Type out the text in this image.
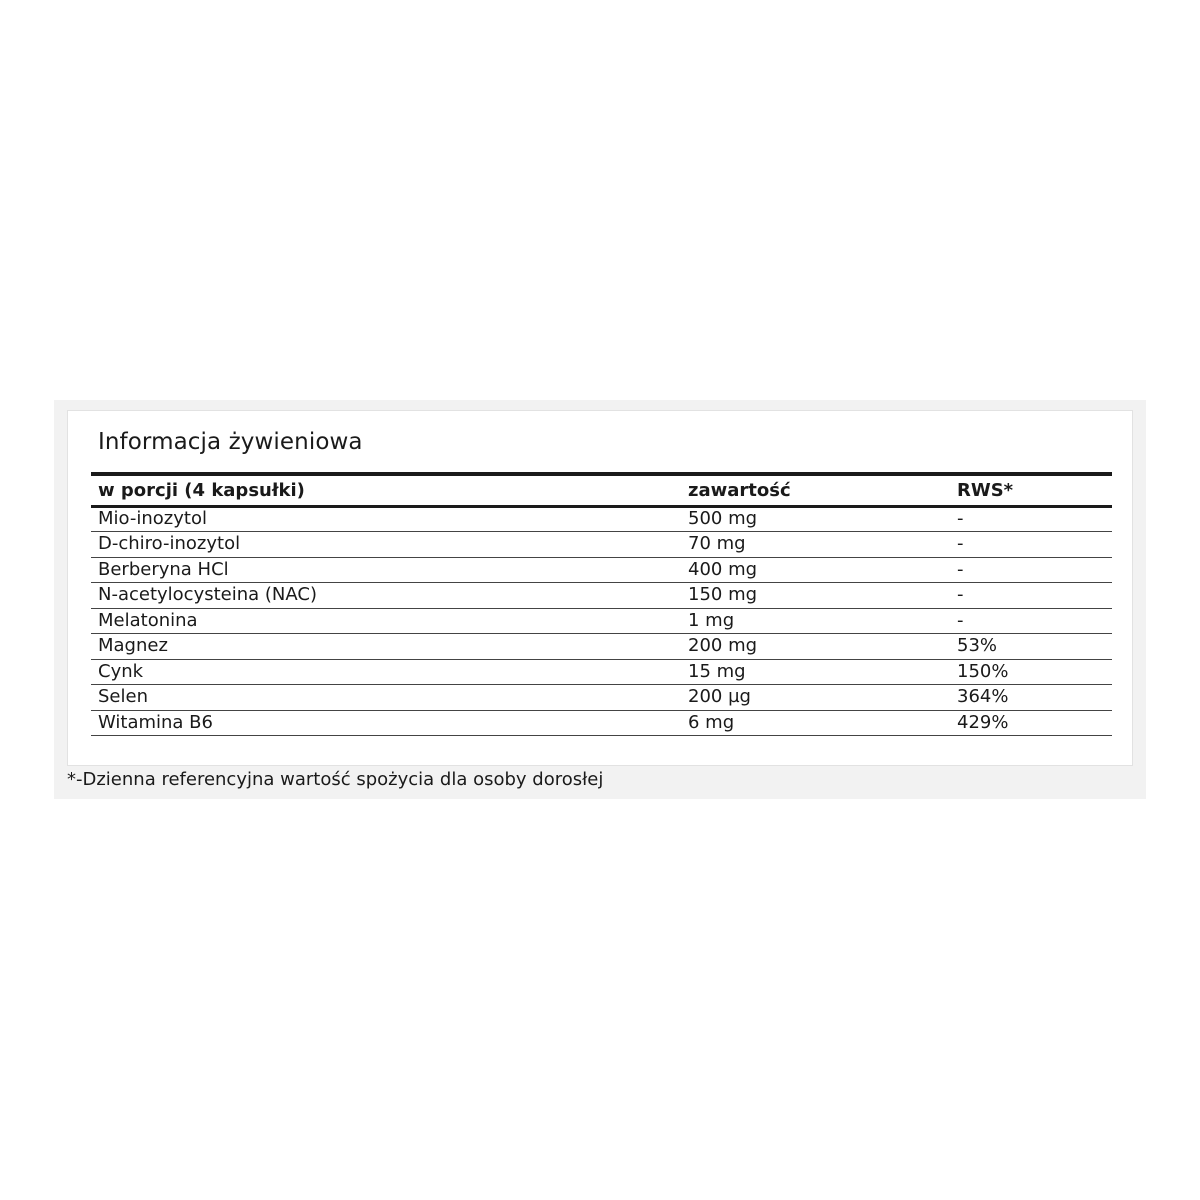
Informacja żywieniowa
w porcji (4 kapsułki)	zawartość	RWS*
Mio-inozytol	500 mg	-
D-chiro-inozytol	70 mg	-
Berberyna HCl	400 mg	-
N-acetylocysteina (NAC)	150 mg	-
Melatonina	1 mg	-
Magnez	200 mg	53%
Cynk	15 mg	150%
Selen	200 µg	364%
Witamina B6	6 mg	429%
*-Dzienna referencyjna wartość spożycia dla osoby dorosłej
